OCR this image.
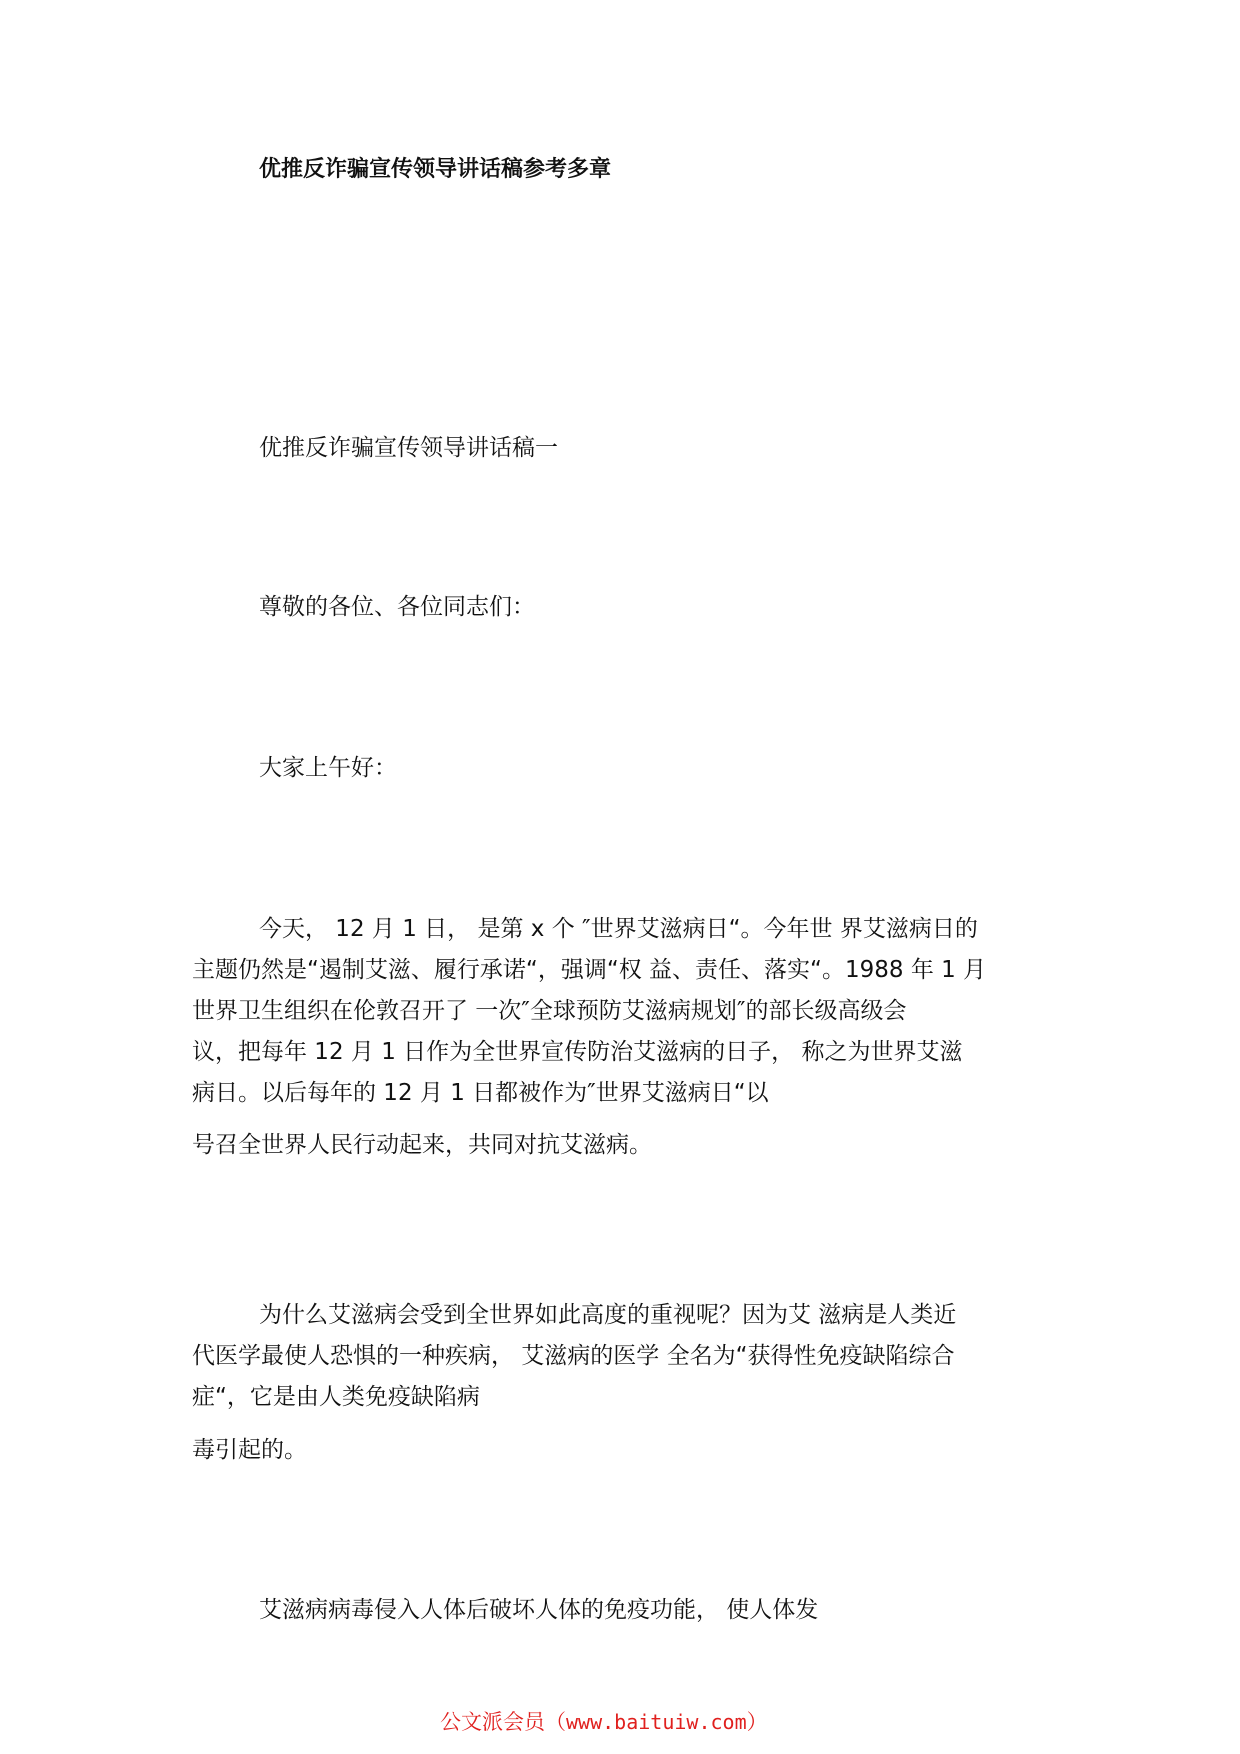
优推反诈骗宣传领导讲话稿参考多章
优推反诈骗宣传领导讲话稿一
尊敬的各位、各位同志们：
大家上午好：
今天， 12 月 1 日， 是第 x 个 ″世界艾滋病日“。今年世 界艾滋病日的
主题仍然是“遏制艾滋、履行承诺“，强调“权 益、责任、落实“。1988 年 1 月
世界卫生组织在伦敦召开了 一次″全球预防艾滋病规划″的部长级高级会
议，把每年 12 月 1 日作为全世界宣传防治艾滋病的日子， 称之为世界艾滋
病日。以后每年的 12 月 1 日都被作为″世界艾滋病日“以
号召全世界人民行动起来，共同对抗艾滋病。
为什么艾滋病会受到全世界如此高度的重视呢？因为艾 滋病是人类近
代医学最使人恐惧的一种疾病， 艾滋病的医学 全名为“获得性免疫缺陷综合
症“，它是由人类免疫缺陷病
毒引起的。
艾滋病病毒侵入人体后破坏人体的免疫功能， 使人体发
公文派会员（www.baituiw.com）
